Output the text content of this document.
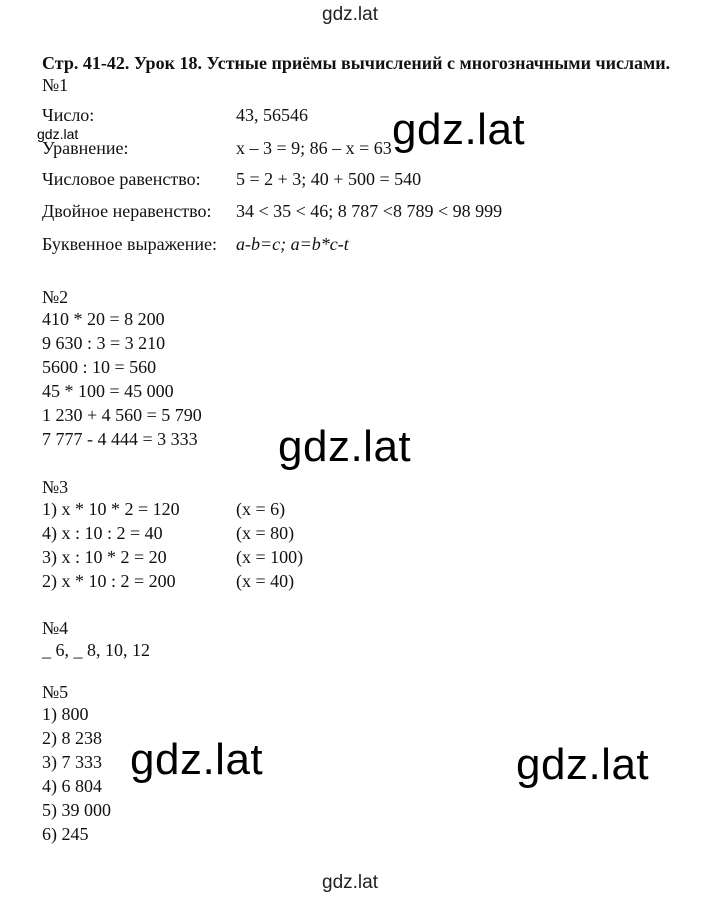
gdz.lat
gdz.lat	gdz.lat
gdz.lat
gdz.lat	gdz.lat
gdz.lat
Стр. 41-42. Урок 18. Устные приёмы вычислений с многозначными числами.
№1
Число:	43, 56546
Уравнение:	x – 3 = 9; 86 – x = 63
Числовое равенство: 5 = 2 + 3; 40 + 500 = 540
Двойное неравенство: 34 < 35 < 46; 8 787 <8 789 < 98 999
Буквенное выражение: a-b=c; a=b*c-t
№2
410 * 20 = 8 200
9 630 : 3 = 3 210
5600 : 10 = 560
45 * 100 = 45 000
1 230 + 4 560 = 5 790
7 777 - 4 444 = 3 333
№3
1) x * 10 * 2 = 120	(x = 6)
4) x : 10 : 2 = 40	(x = 80)
3) x : 10 * 2 = 20	(x = 100)
2) x * 10 : 2 = 200	(x = 40)
№4
_ 6, _ 8, 10, 12
№5
1) 800
2) 8 238
3) 7 333
4) 6 804
5) 39 000
6) 245
